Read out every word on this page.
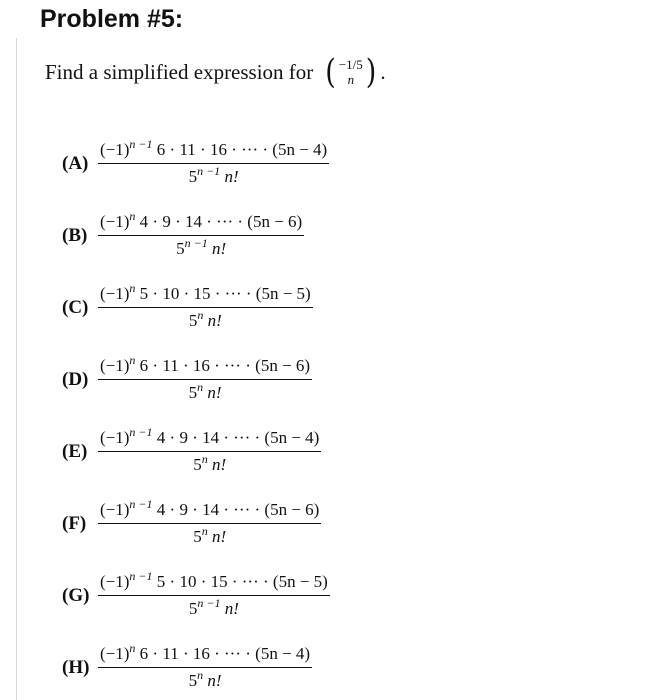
Problem #5:
Find a simplified expression for ( −1/5
n ) .
$(A) \frac{(-1)^{n -1} 6 \cdot 11 \cdot 16 \cdot \cdot\cdot\cdot \cdot (5n - 4)}{5^{n -1} n!}$
$(B) \frac{(-1)^n 4 \cdot 9 \cdot 14 \cdot \cdot\cdot\cdot \cdot (5n - 6)}{5^{n -1} n!}$
$(C) \frac{(-1)^n 5 \cdot 10 \cdot 15 \cdot \cdot\cdot\cdot \cdot (5n - 5)}{5^n n!}$
$(D) \frac{(-1)^n 6 \cdot 11 \cdot 16 \cdot \cdot\cdot\cdot \cdot (5n - 6)}{5^n n!}$
$(E) \frac{(-1)^{n -1} 4 \cdot 9 \cdot 14 \cdot \cdot\cdot\cdot \cdot (5n - 4)}{5^n n!}$
$(F) \frac{(-1)^{n -1} 4 \cdot 9 \cdot 14 \cdot \cdot\cdot\cdot \cdot (5n - 6)}{5^n n!}$
$(G) \frac{(-1)^{n -1} 5 \cdot 10 \cdot 15 \cdot \cdot\cdot\cdot \cdot (5n - 5)}{5^{n -1} n!}$
$(H) \frac{(-1)^n 6 \cdot 11 \cdot 16 \cdot \cdot\cdot\cdot \cdot (5n - 4)}{5^n n!}$
